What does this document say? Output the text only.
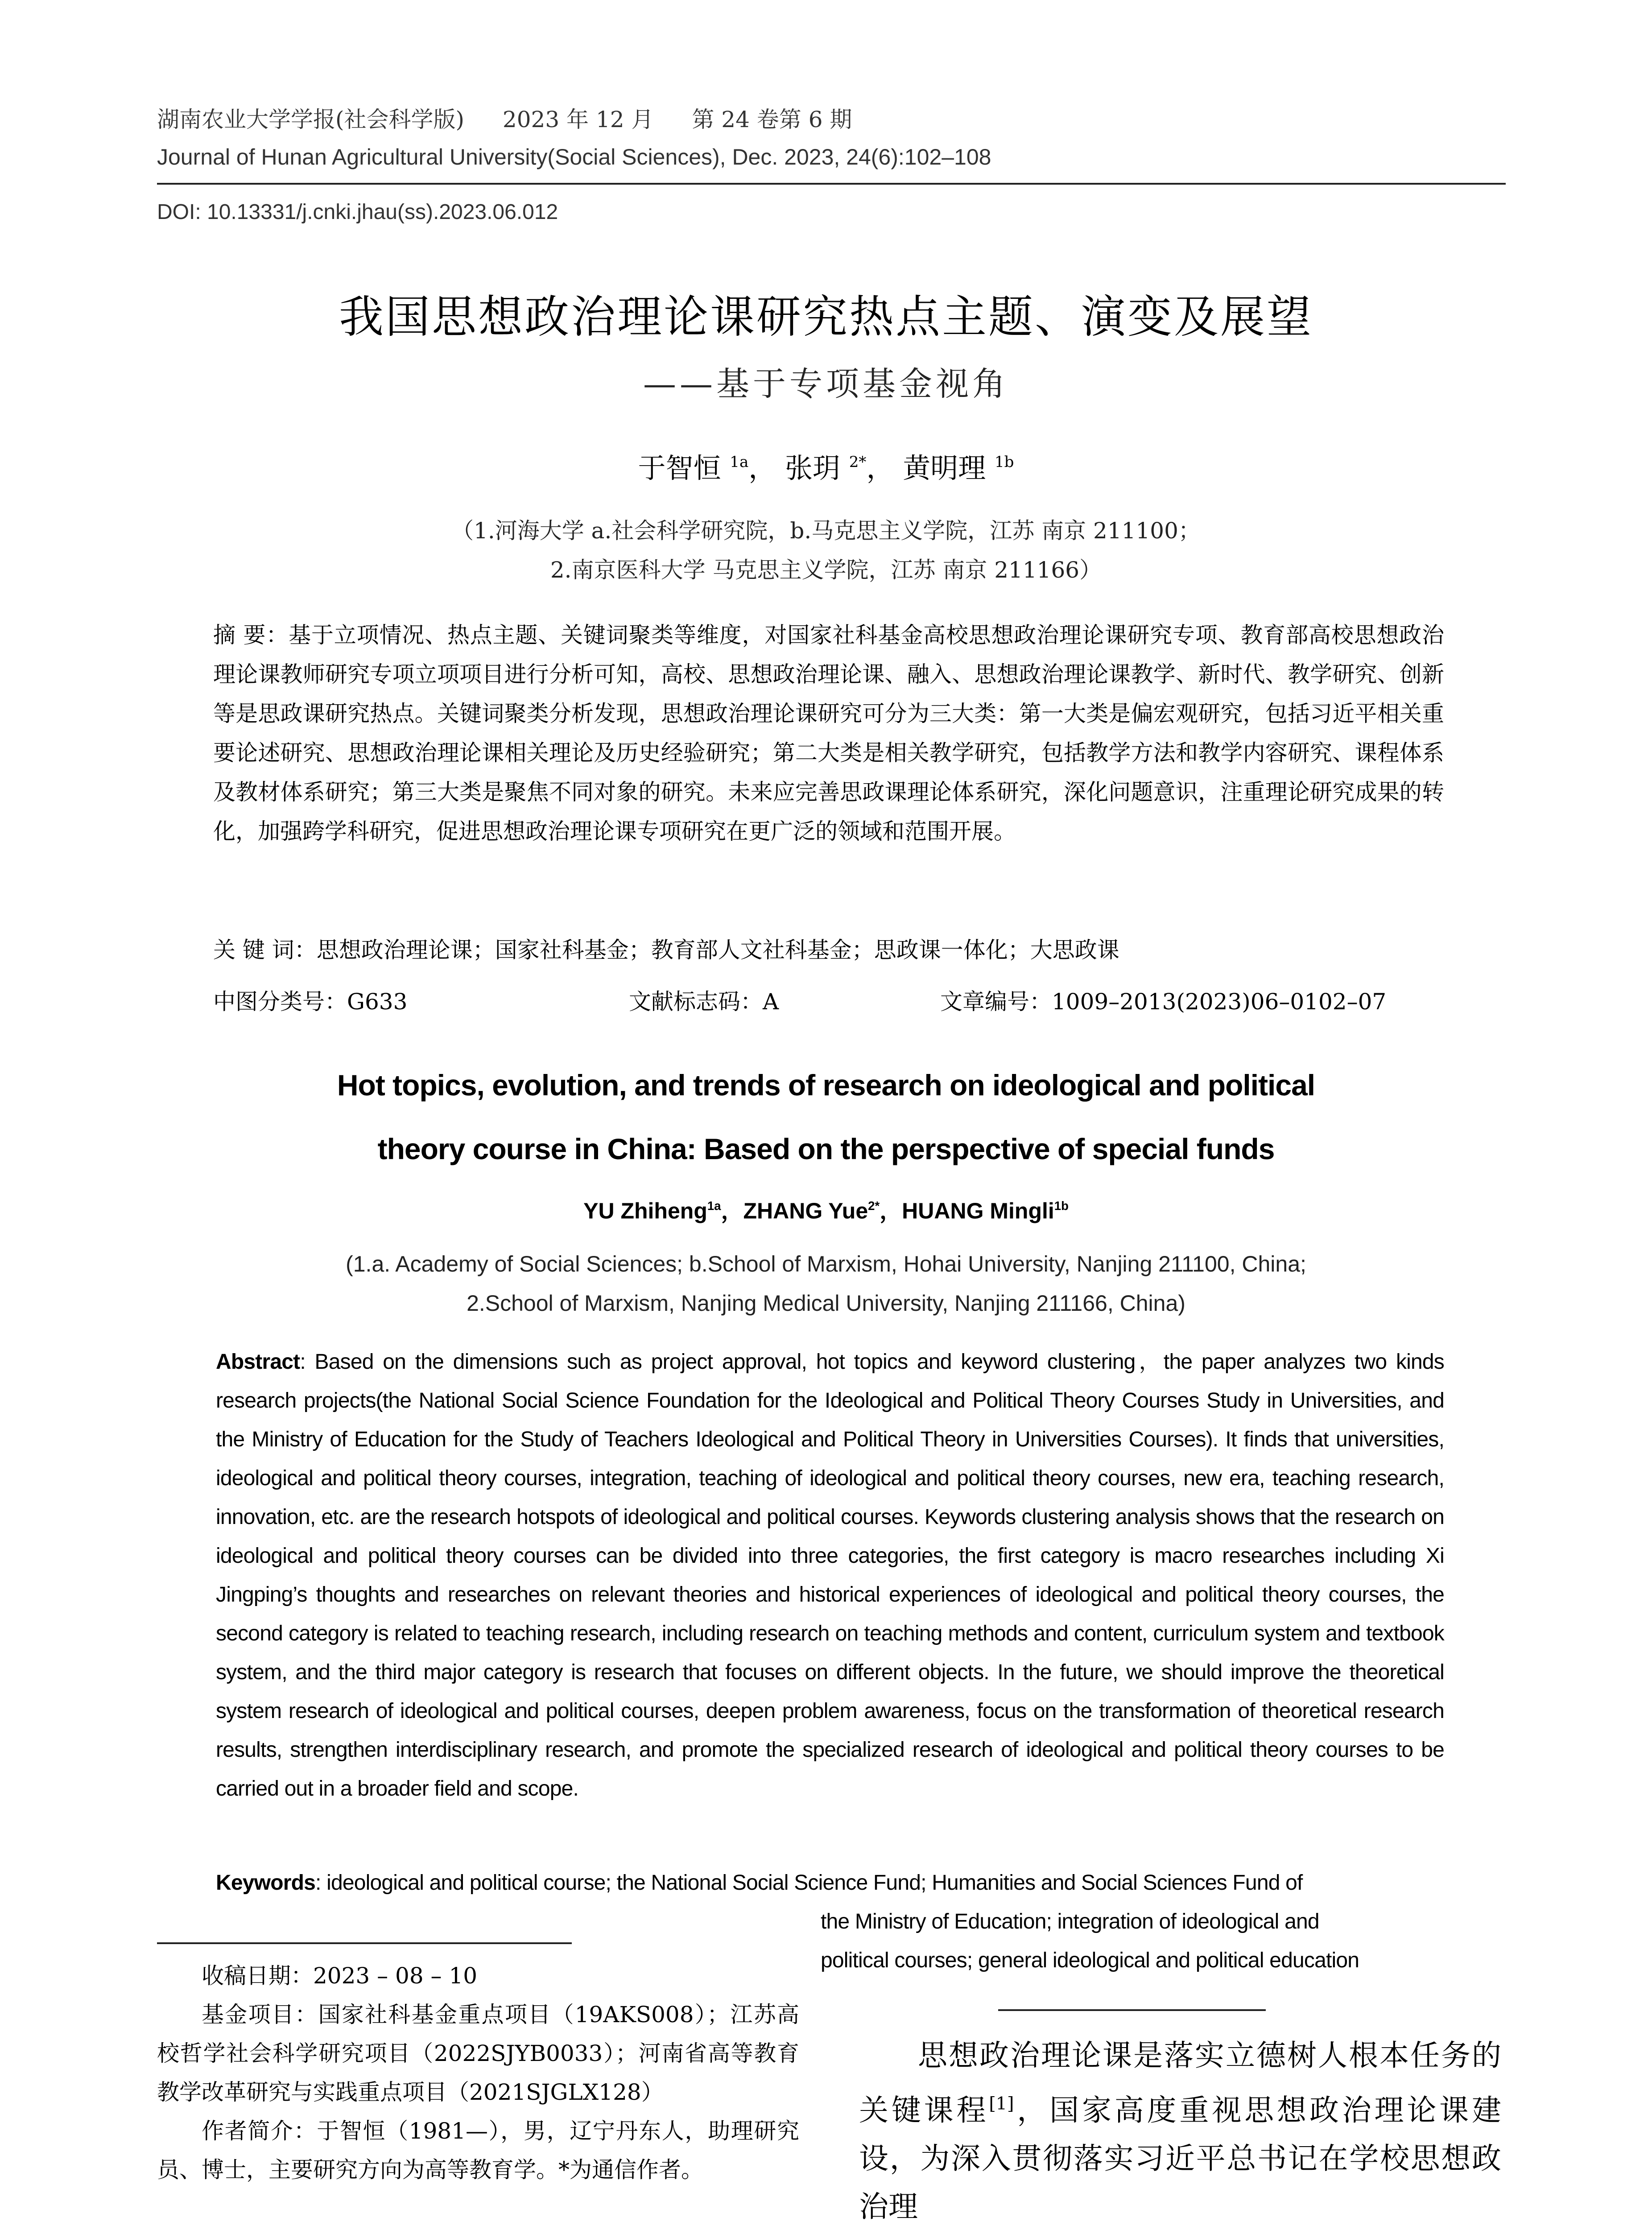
湖南农业大学学报(社会科学版) 2023 年 12 月 第 24 卷第 6 期
Journal of Hunan Agricultural University(Social Sciences), Dec. 2023, 24(6):102–108
DOI: 10.13331/j.cnki.jhau(ss).2023.06.012
我国思想政治理论课研究热点主题、演变及展望
——基于专项基金视角
于智恒 $^{1a}$， 张玥 $^{2*}$， 黄明理 $^{1b}$
（1.河海大学 a.社会科学研究院，b.马克思主义学院，江苏 南京 211100；
2.南京医科大学 马克思主义学院，江苏 南京 211166）
摘 要：基于立项情况、热点主题、关键词聚类等维度，对国家社科基金高校思想政治理论课研究专项、教育部高校思想政治理论课教师研究专项立项项目进行分析可知，高校、思想政治理论课、融入、思想政治理论课教学、新时代、教学研究、创新等是思政课研究热点。关键词聚类分析发现，思想政治理论课研究可分为三大类：第一大类是偏宏观研究，包括习近平相关重要论述研究、思想政治理论课相关理论及历史经验研究；第二大类是相关教学研究，包括教学方法和教学内容研究、课程体系及教材体系研究；第三大类是聚焦不同对象的研究。未来应完善思政课理论体系研究，深化问题意识，注重理论研究成果的转化，加强跨学科研究，促进思想政治理论课专项研究在更广泛的领域和范围开展。
关 键 词：思想政治理论课；国家社科基金；教育部人文社科基金；思政课一体化；大思政课
中图分类号：G633	文献标志码：A	文章编号：1009–2013(2023)06–0102–07
Hot topics, evolution, and trends of research on ideological and political
theory course in China: Based on the perspective of special funds
YU Zhiheng$^{1a}$，ZHANG Yue$^{2*}$，HUANG Mingli$^{1b}$
(1.a. Academy of Social Sciences; b.School of Marxism, Hohai University, Nanjing 211100, China;
2.School of Marxism, Nanjing Medical University, Nanjing 211166, China)
Abstract: Based on the dimensions such as project approval, hot topics and keyword clustering，the paper analyzes two kinds research projects(the National Social Science Foundation for the Ideological and Political Theory Courses Study in Universities, and the Ministry of Education for the Study of Teachers Ideological and Political Theory in Universities Courses). It finds that universities, ideological and political theory courses, integration, teaching of ideological and political theory courses, new era, teaching research, innovation, etc. are the research hotspots of ideological and political courses. Keywords clustering analysis shows that the research on ideological and political theory courses can be divided into three categories, the first category is macro researches including Xi Jingping’s thoughts and researches on relevant theories and historical experiences of ideological and political theory courses, the second category is related to teaching research, including research on teaching methods and content, curriculum system and textbook system, and the third major category is research that focuses on different objects. In the future, we should improve the theoretical system research of ideological and political courses, deepen problem awareness, focus on the transformation of theoretical research results, strengthen interdisciplinary research, and promote the specialized research of ideological and political theory courses to be carried out in a broader field and scope.
Keywords: ideological and political course; the National Social Science Fund; Humanities and Social Sciences Fund of
the Ministry of Education; integration of ideological and
political courses; general ideological and political education

收稿日期：2023 – 08 – 10

基金项目：国家社科基金重点项目（19AKS008）；江苏高校哲学社会科学研究项目（2022SJYB0033）；河南省高等教育教学改革研究与实践重点项目（2021SJGLX128）

作者简介：于智恒（1981—），男，辽宁丹东人，助理研究员、博士，主要研究方向为高等教育学。*为通信作者。

思想政治理论课是落实立德树人根本任务的关键课程[1]，国家高度重视思想政治理论课建设，为深入贯彻落实习近平总书记在学校思想政治理
